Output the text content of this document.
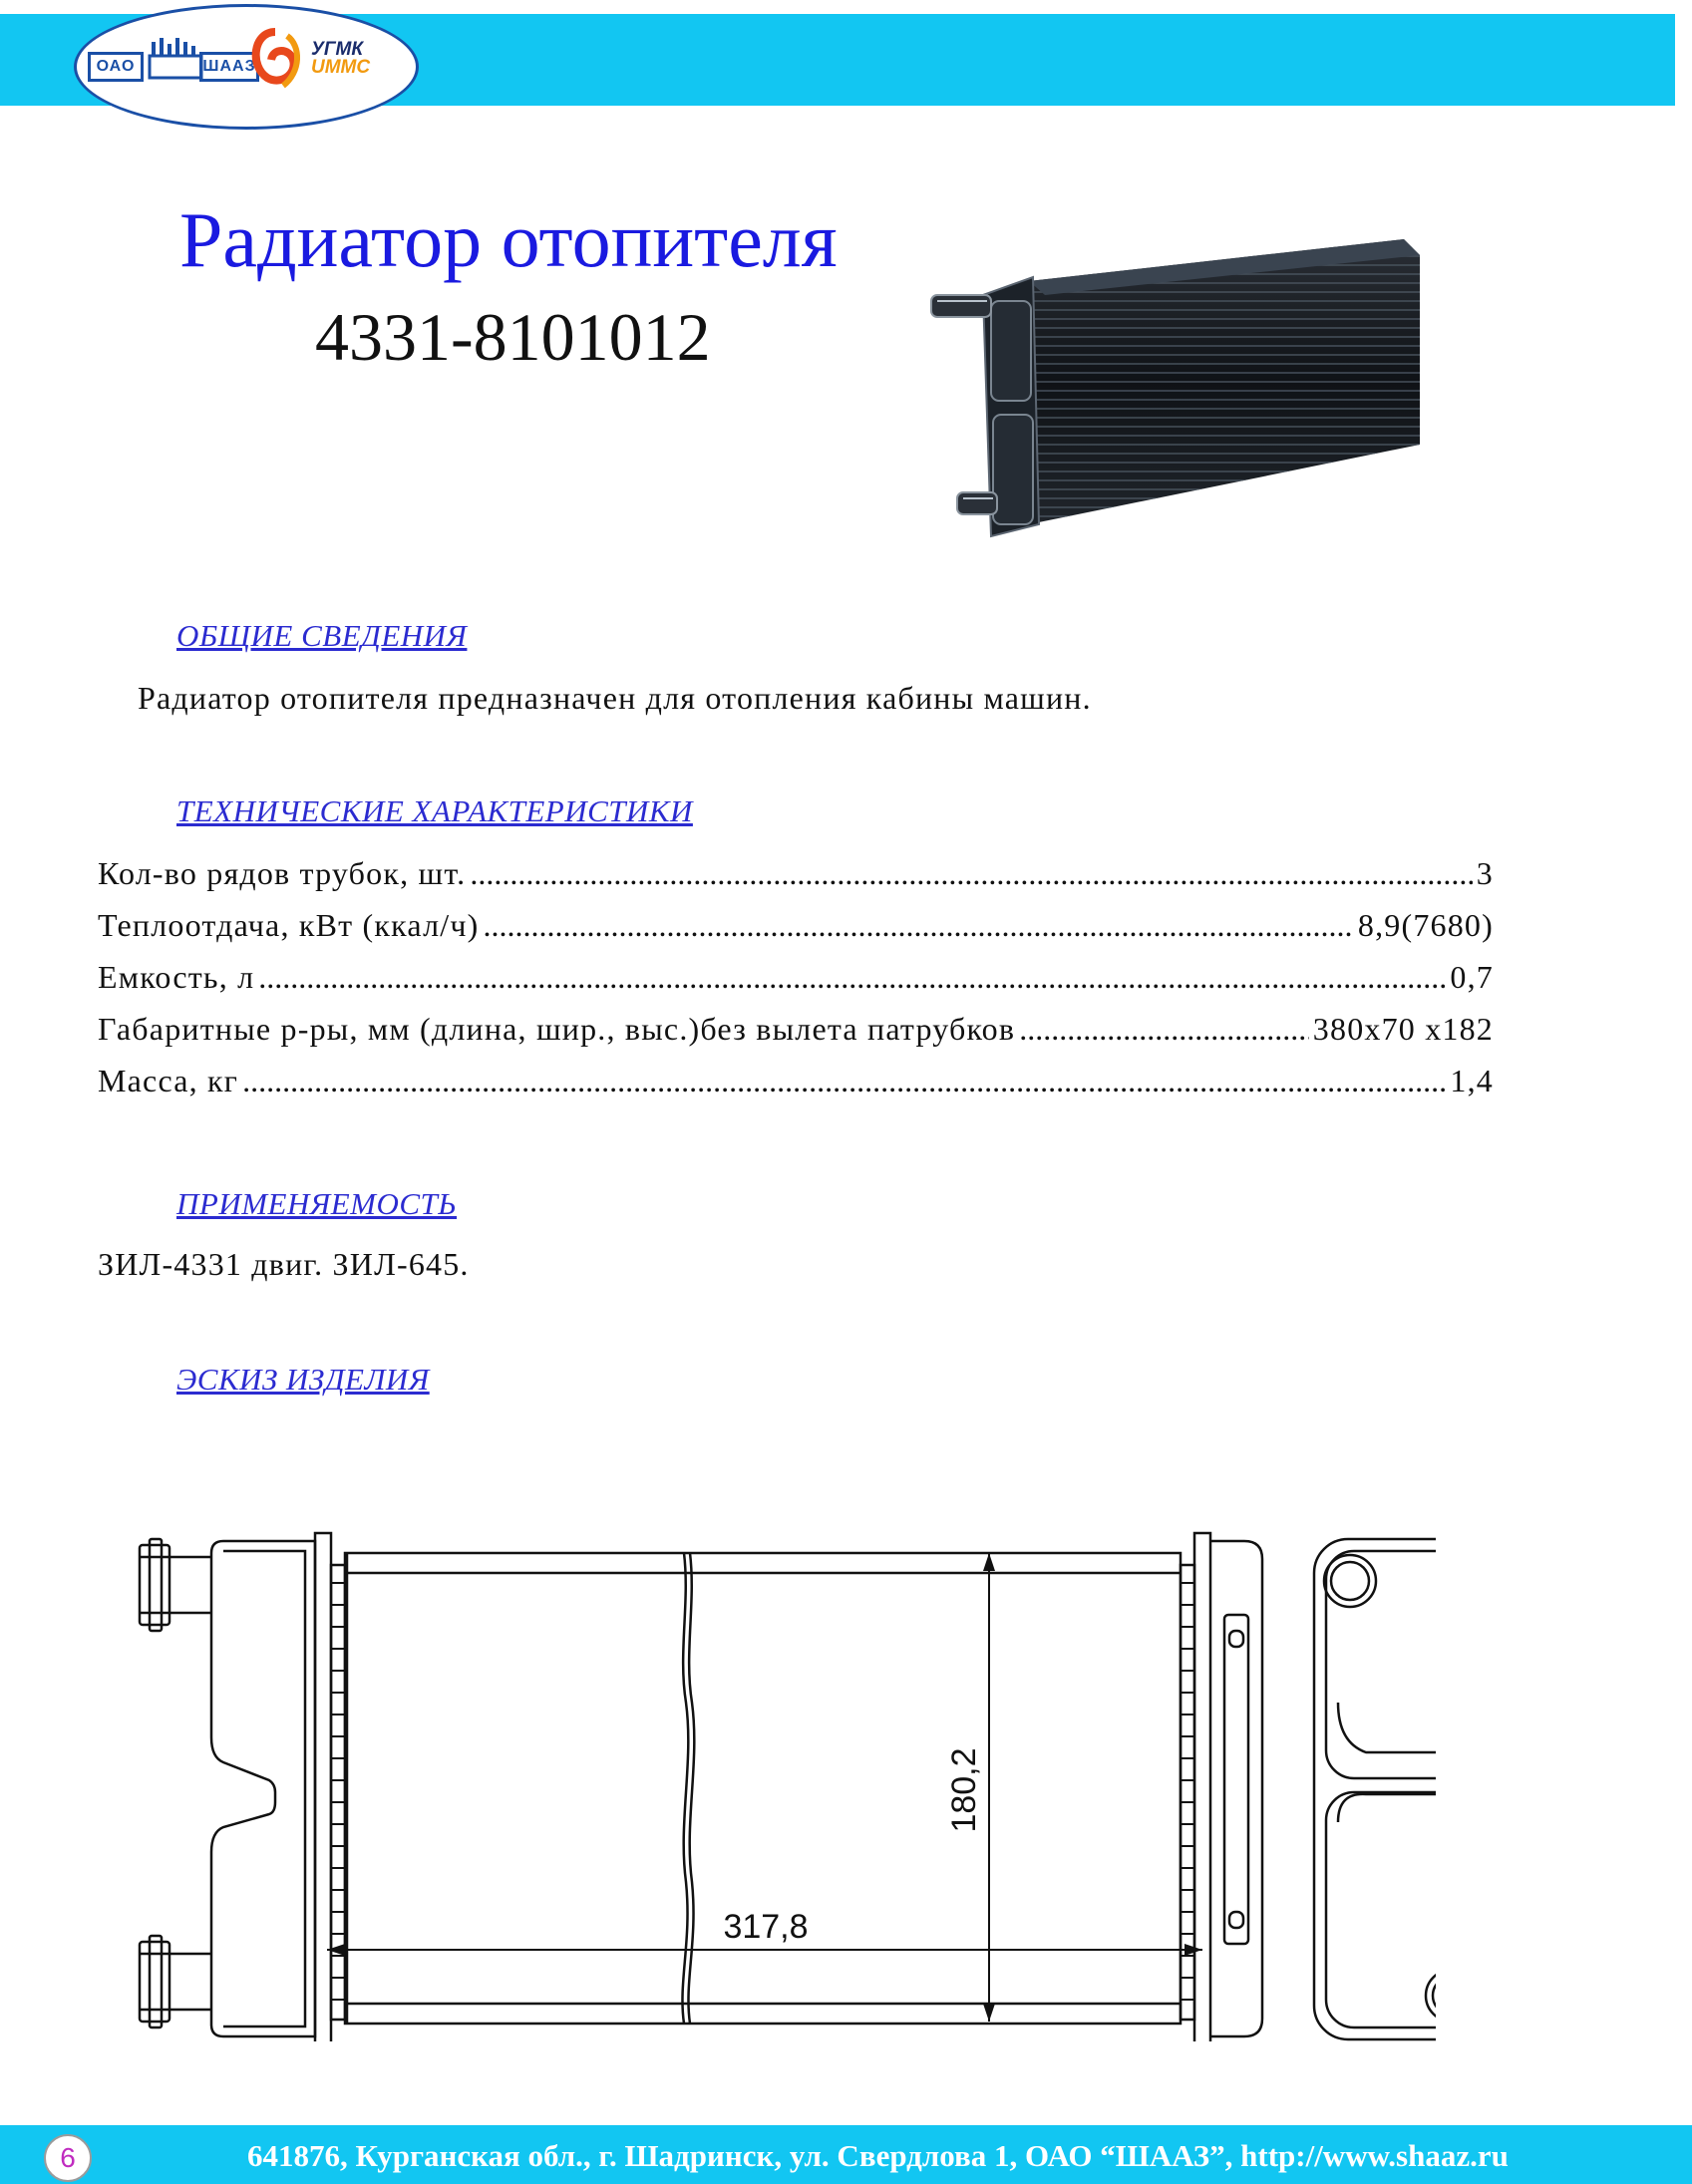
ОАО	ШААЗ
УГМК
UMMC
Радиатор отопителя
4331-8101012
ОБЩИЕ СВЕДЕНИЯ
Радиатор отопителя предназначен для отопления кабины машин.
ТЕХНИЧЕСКИЕ ХАРАКТЕРИСТИКИ
Кол-во рядов трубок, шт. .....	3
Теплоотдача, кВт (ккал/ч) .....	8,9(7680)
Емкость, л .....	0,7
Габаритные р-ры, мм (длина, шир., выс.)без вылета патрубков .....	380х70 х182
Масса, кг .....	1,4
ПРИМЕНЯЕМОСТЬ
ЗИЛ-4331 двиг. ЗИЛ-645.
ЭСКИЗ ИЗДЕЛИЯ
180,2
317,8
6	641876, Курганская обл., г. Шадринск, ул. Свердлова 1, ОАО “ШААЗ”, http://www.shaaz.ru
